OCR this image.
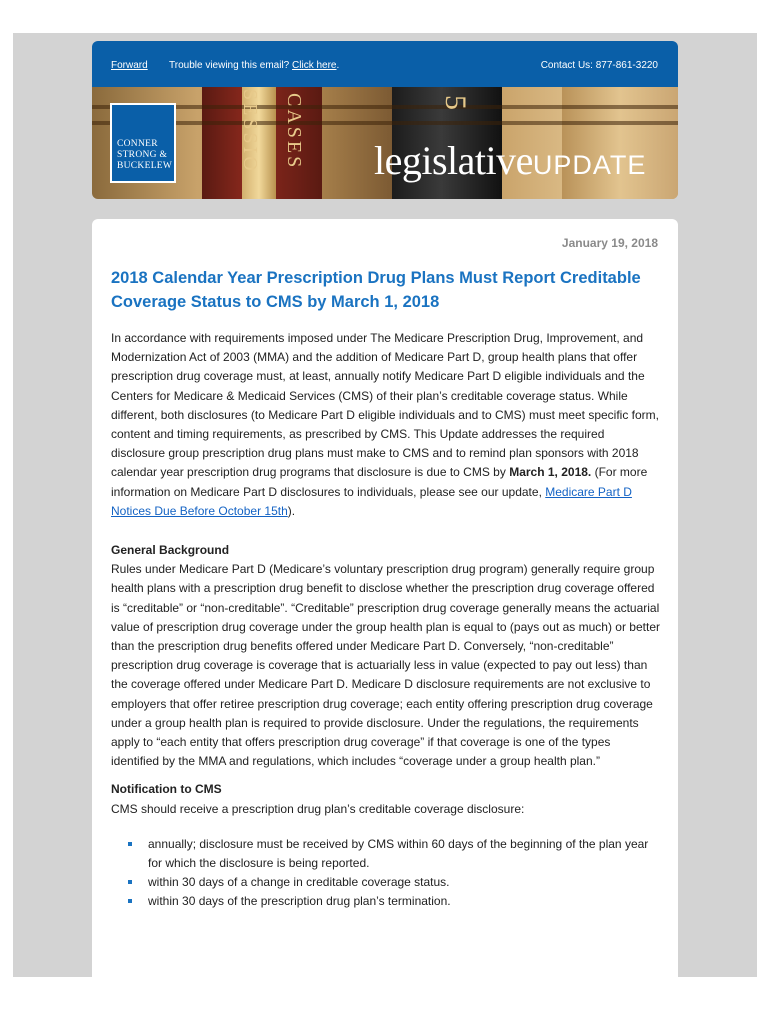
Forward Trouble viewing this email? Click here.	Contact Us: 877-861-3220
SESSIO CASES	5
CONNER
STRONG &
BUCKELEW	legislativeUPDATE
January 19, 2018
2018 Calendar Year Prescription Drug Plans Must Report Creditable Coverage Status to CMS by March 1, 2018

In accordance with requirements imposed under The Medicare Prescription Drug, Improvement, and Modernization Act of 2003 (MMA) and the addition of Medicare Part D, group health plans that offer prescription drug coverage must, at least, annually notify Medicare Part D eligible individuals and the Centers for Medicare & Medicaid Services (CMS) of their plan’s creditable coverage status. While different, both disclosures (to Medicare Part D eligible individuals and to CMS) must meet specific form, content and timing requirements, as prescribed by CMS. This Update addresses the required disclosure group prescription drug plans must make to CMS and to remind plan sponsors with 2018 calendar year prescription drug programs that disclosure is due to CMS by March 1, 2018. (For more information on Medicare Part D disclosures to individuals, please see our update, Medicare Part D Notices Due Before October 15th).

General Background

Rules under Medicare Part D (Medicare’s voluntary prescription drug program) generally require group health plans with a prescription drug benefit to disclose whether the prescription drug coverage offered is “creditable” or “non-creditable”. “Creditable” prescription drug coverage generally means the actuarial value of prescription drug coverage under the group health plan is equal to (pays out as much) or better than the prescription drug benefits offered under Medicare Part D. Conversely, “non-creditable” prescription drug coverage is coverage that is actuarially less in value (expected to pay out less) than the coverage offered under Medicare Part D. Medicare D disclosure requirements are not exclusive to employers that offer retiree prescription drug coverage; each entity offering prescription drug coverage under a group health plan is required to provide disclosure. Under the regulations, the requirements apply to “each entity that offers prescription drug coverage” if that coverage is one of the types identified by the MMA and regulations, which includes “coverage under a group health plan.”

Notification to CMS

CMS should receive a prescription drug plan’s creditable coverage disclosure:

annually; disclosure must be received by CMS within 60 days of the beginning of the plan year for which the disclosure is being reported.
within 30 days of a change in creditable coverage status.
within 30 days of the prescription drug plan’s termination.
